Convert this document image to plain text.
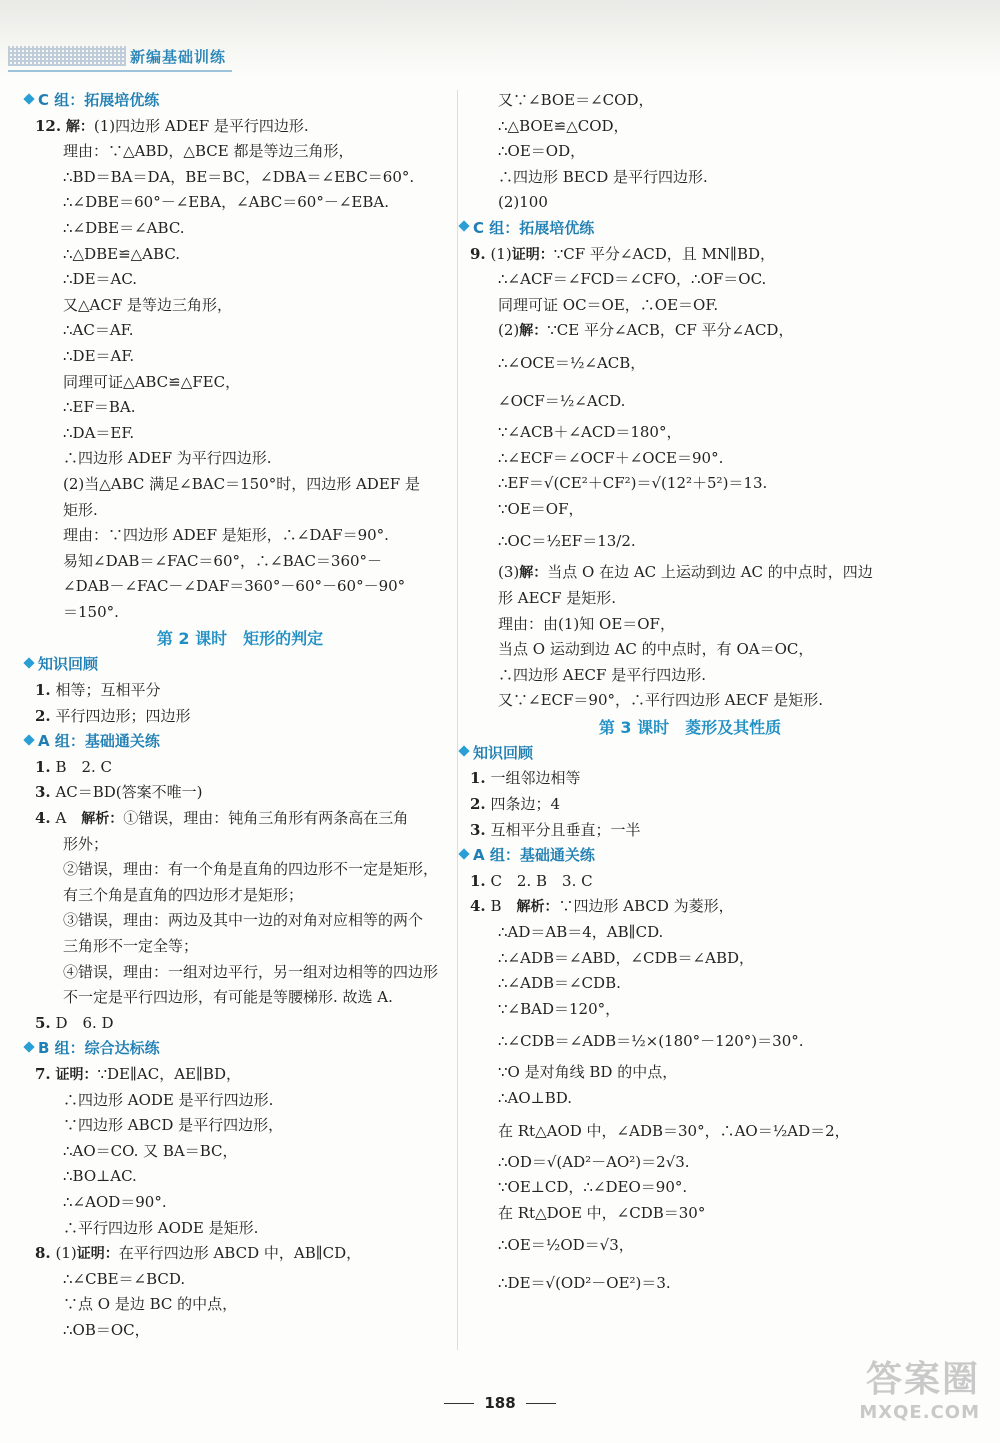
新编基础训练
C 组：拓展培优练
12. 解：(1)四边形 ADEF 是平行四边形.
理由：∵△ABD，△BCE 都是等边三角形，
∴BD＝BA＝DA，BE＝BC，∠DBA＝∠EBC＝60°.
∴∠DBE＝60°－∠EBA，∠ABC＝60°－∠EBA.
∴∠DBE＝∠ABC.
∴△DBE≌△ABC.
∴DE＝AC.
又△ACF 是等边三角形，
∴AC＝AF.
∴DE＝AF.
同理可证△ABC≌△FEC，
∴EF＝BA.
∴DA＝EF.
∴四边形 ADEF 为平行四边形.
(2)当△ABC 满足∠BAC＝150°时，四边形 ADEF 是
矩形.
理由：∵四边形 ADEF 是矩形，∴∠DAF＝90°.
易知∠DAB＝∠FAC＝60°，∴∠BAC＝360°－
∠DAB－∠FAC－∠DAF＝360°－60°－60°－90°
＝150°.
第 2 课时　矩形的判定
知识回顾
1. 相等；互相平分
2. 平行四边形；四边形
A 组：基础通关练
1. B　2. C
3. AC＝BD(答案不唯一)
4. A　解析：①错误，理由：钝角三角形有两条高在三角
形外；
②错误，理由：有一个角是直角的四边形不一定是矩形，
有三个角是直角的四边形才是矩形；
③错误，理由：两边及其中一边的对角对应相等的两个
三角形不一定全等；
④错误，理由：一组对边平行，另一组对边相等的四边形
不一定是平行四边形，有可能是等腰梯形. 故选 A.
5. D　6. D
B 组：综合达标练
7. 证明：∵DE∥AC，AE∥BD，
∴四边形 AODE 是平行四边形.
∵四边形 ABCD 是平行四边形，
∴AO＝CO. 又 BA＝BC，
∴BO⊥AC.
∴∠AOD＝90°.
∴平行四边形 AODE 是矩形.
8. (1)证明：在平行四边形 ABCD 中，AB∥CD，
∴∠CBE＝∠BCD.
∵点 O 是边 BC 的中点，
∴OB＝OC，
又∵∠BOE＝∠COD，
∴△BOE≌△COD，
∴OE＝OD，
∴四边形 BECD 是平行四边形.
(2)100
C 组：拓展培优练
9. (1)证明：∵CF 平分∠ACD，且 MN∥BD，
∴∠ACF＝∠FCD＝∠CFO，∴OF＝OC.
同理可证 OC＝OE，∴OE＝OF.
(2)解：∵CE 平分∠ACB，CF 平分∠ACD，
∴∠OCE＝½∠ACB，
∠OCF＝½∠ACD.
∵∠ACB＋∠ACD＝180°，
∴∠ECF＝∠OCF＋∠OCE＝90°.
∴EF＝√(CE²＋CF²)＝√(12²＋5²)＝13.
∵OE＝OF，
∴OC＝½EF＝13/2.
(3)解：当点 O 在边 AC 上运动到边 AC 的中点时，四边
形 AECF 是矩形.
理由：由(1)知 OE＝OF，
当点 O 运动到边 AC 的中点时，有 OA＝OC，
∴四边形 AECF 是平行四边形.
又∵∠ECF＝90°，∴平行四边形 AECF 是矩形.
第 3 课时　菱形及其性质
知识回顾
1. 一组邻边相等
2. 四条边；4
3. 互相平分且垂直；一半
A 组：基础通关练
1. C　2. B　3. C
4. B　解析：∵四边形 ABCD 为菱形，
∴AD＝AB＝4，AB∥CD.
∴∠ADB＝∠ABD，∠CDB＝∠ABD，
∴∠ADB＝∠CDB.
∵∠BAD＝120°，
∴∠CDB＝∠ADB＝½×(180°－120°)＝30°.
∵O 是对角线 BD 的中点，
∴AO⊥BD.
在 Rt△AOD 中，∠ADB＝30°，∴AO＝½AD＝2，
∴OD＝√(AD²－AO²)＝2√3.
∵OE⊥CD，∴∠DEO＝90°.
在 Rt△DOE 中，∠CDB＝30°
∴OE＝½OD＝√3，
∴DE＝√(OD²－OE²)＝3.
188
答案圈
MXQE.COM
